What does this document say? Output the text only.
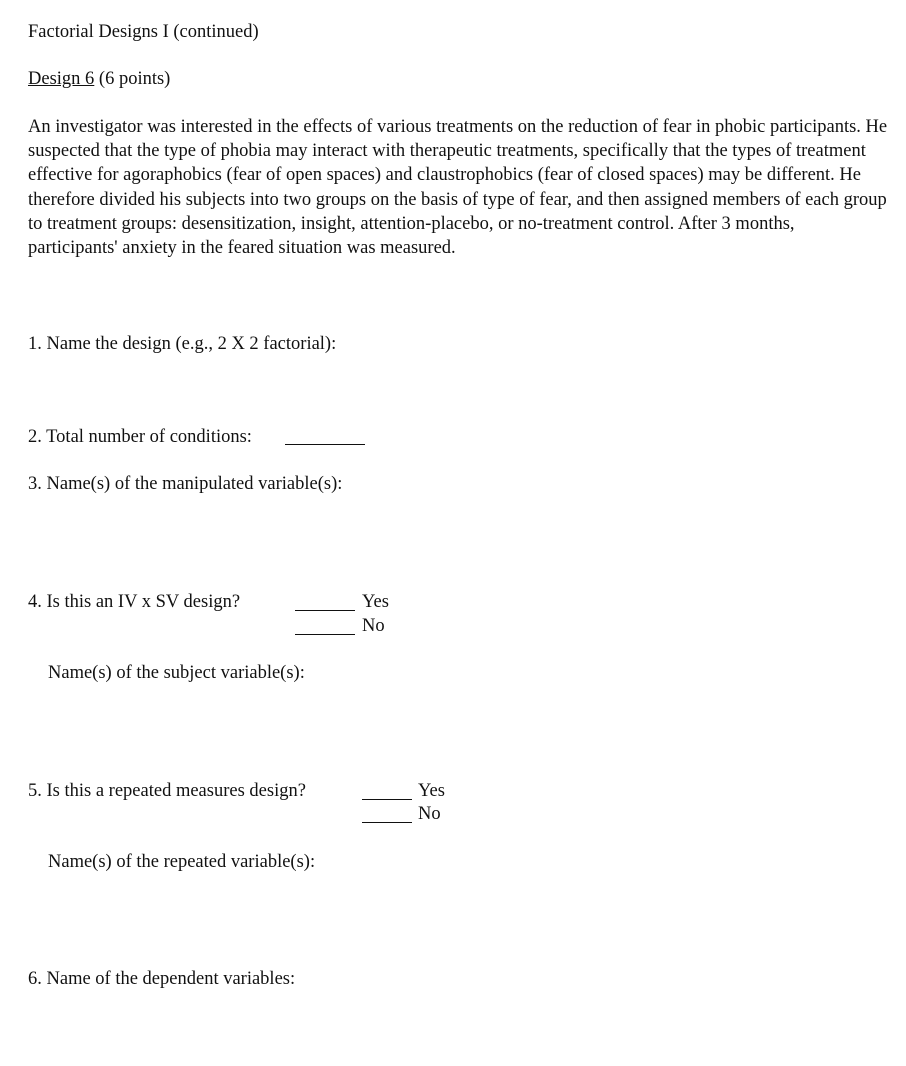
Factorial Designs I (continued)
Design 6 (6 points)
An investigator was interested in the effects of various treatments on the reduction of fear in phobic participants. He suspected that the type of phobia may interact with therapeutic treatments, specifically that the types of treatment effective for agoraphobics (fear of open spaces) and claustrophobics (fear of closed spaces) may be different. He therefore divided his subjects into two groups on the basis of type of fear, and then assigned members of each group to treatment groups: desensitization, insight, attention-placebo, or no-treatment control. After 3 months, participants' anxiety in the feared situation was measured.
1. Name the design (e.g., 2 X 2 factorial):
2. Total number of conditions:
3. Name(s) of the manipulated variable(s):
4. Is this an IV x SV design?	Yes
No
Name(s) of the subject variable(s):
5. Is this a repeated measures design?	Yes
No
Name(s) of the repeated variable(s):
6. Name of the dependent variables:
